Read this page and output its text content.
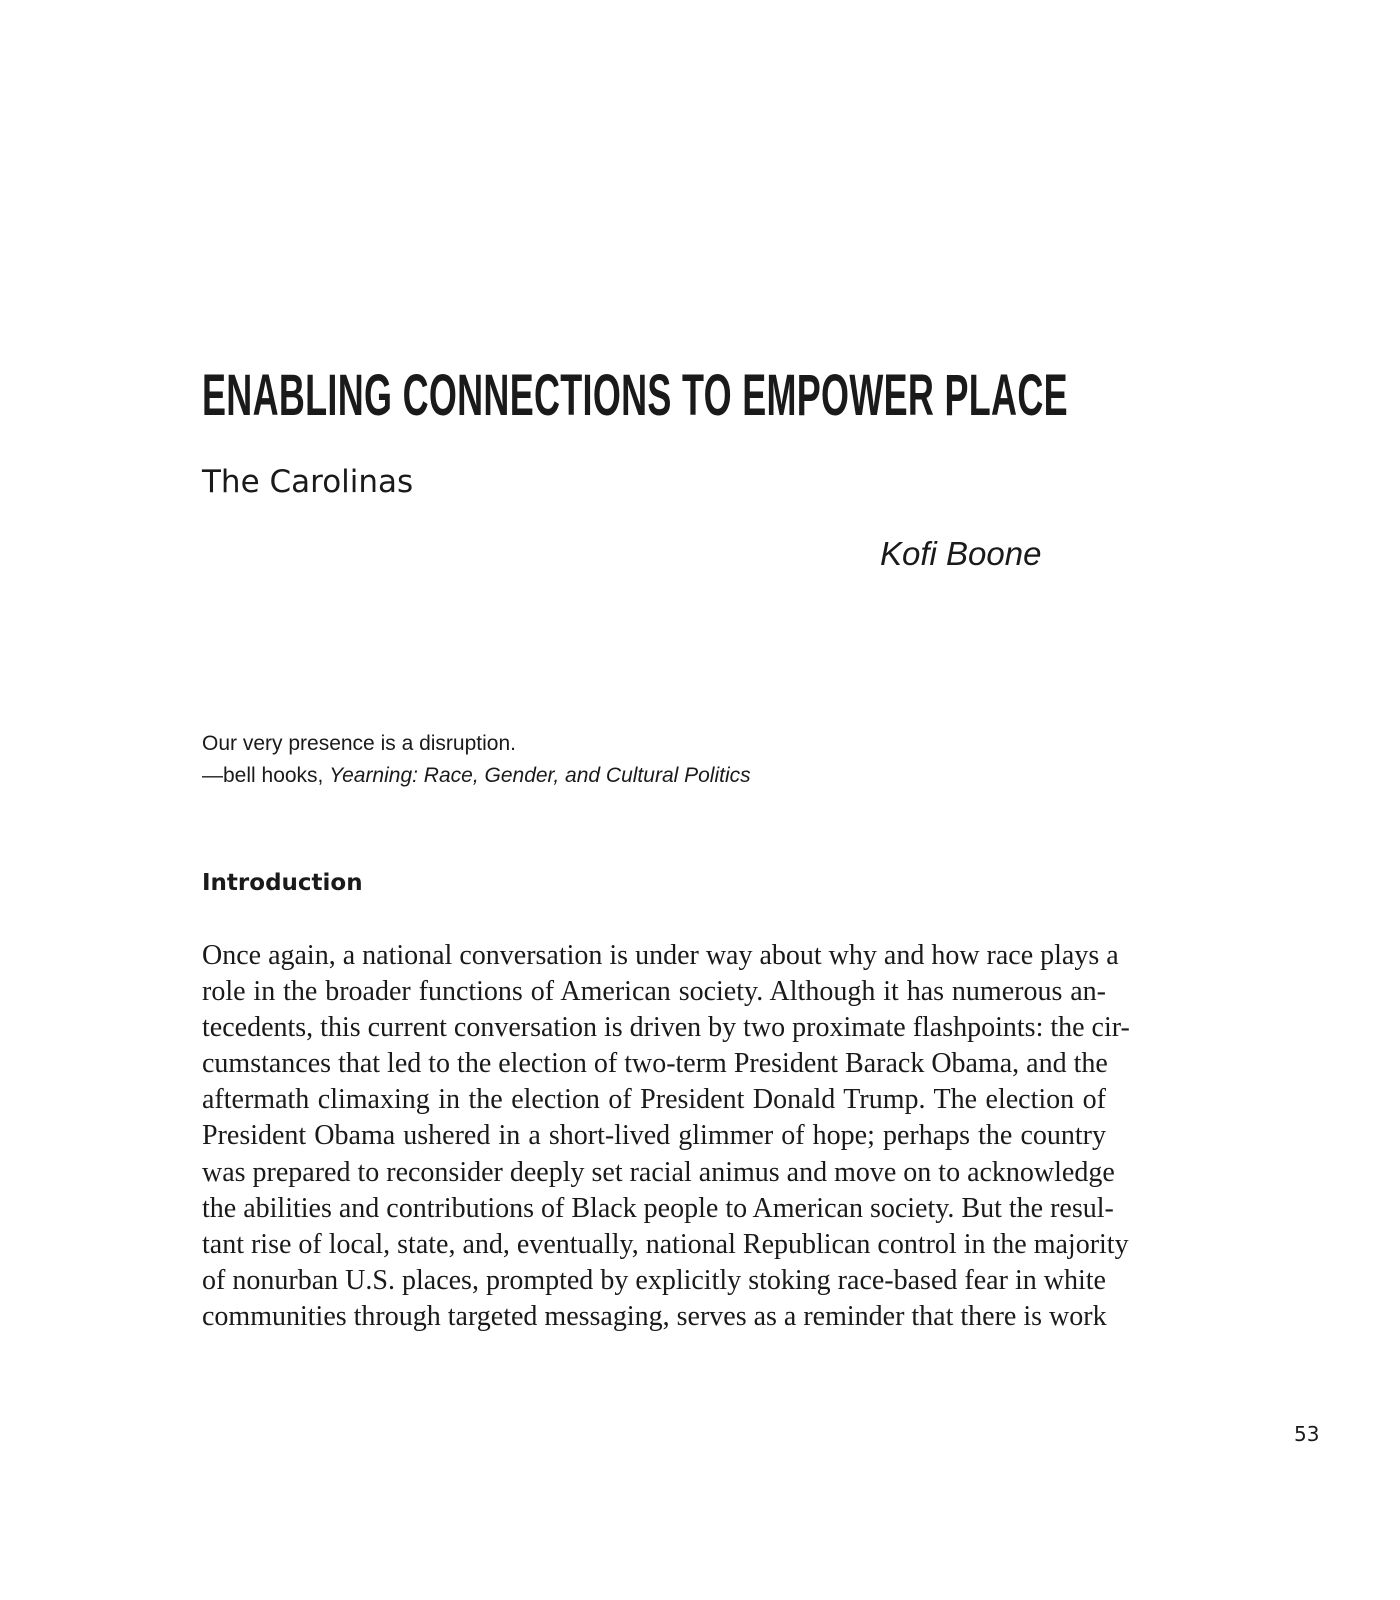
ENABLING CONNECTIONS TO EMPOWER PLACE
The Carolinas

Kofi Boone

Our very presence is a disruption.
—bell hooks, Yearning: Race, Gender, and Cultural Politics
Introduction
Once again, a national conversation is under way about why and how race plays a
role in the broader functions of American society. Although it has numerous an-
tecedents, this current conversation is driven by two proximate flashpoints: the cir-
cumstances that led to the election of two-term President Barack Obama, and the
aftermath climaxing in the election of President Donald Trump. The election of
President Obama ushered in a short-lived glimmer of hope; perhaps the country
was prepared to reconsider deeply set racial animus and move on to acknowledge
the abilities and contributions of Black people to American society. But the resul-
tant rise of local, state, and, eventually, national Republican control in the majority
of nonurban U.S. places, prompted by explicitly stoking race-based fear in white
communities through targeted messaging, serves as a reminder that there is work

53
